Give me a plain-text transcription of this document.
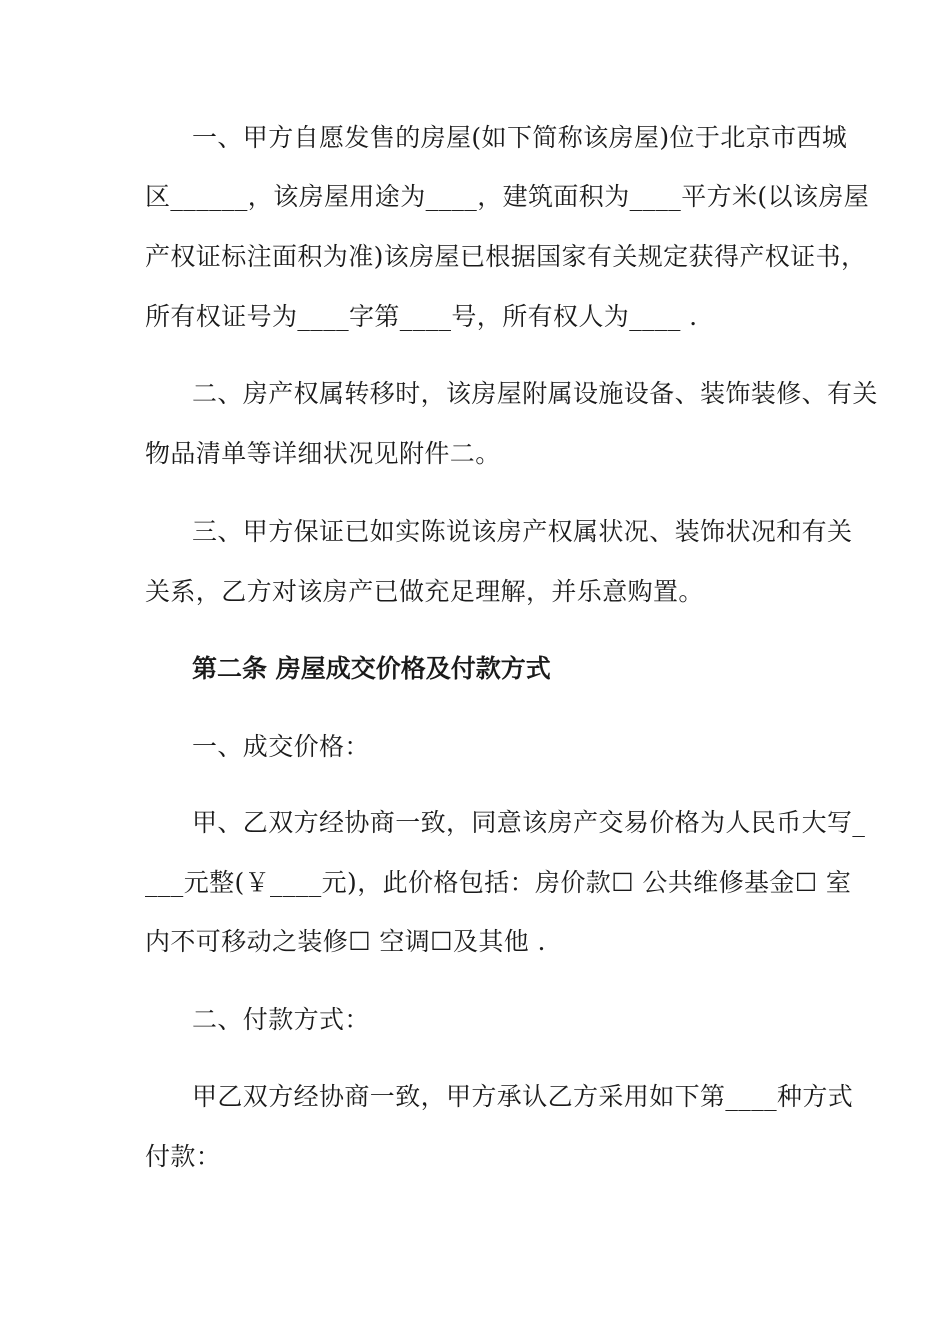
一、甲方自愿发售的房屋(如下简称该房屋)位于北京市西城
区______，该房屋用途为____，建筑面积为____平方米(以该房屋
产权证标注面积为准)该房屋已根据国家有关规定获得产权证书，
所有权证号为____字第____号，所有权人为____ .
二、房产权属转移时，该房屋附属设施设备、装饰装修、有关
物品清单等详细状况见附件二。
三、甲方保证已如实陈说该房产权属状况、装饰状况和有关
关系，乙方对该房产已做充足理解，并乐意购置。
第二条 房屋成交价格及付款方式
一、成交价格：
甲、乙双方经协商一致，同意该房产交易价格为人民币大写_
___元整(￥____元)，此价格包括：房价款☐ 公共维修基金☐ 室
内不可移动之装修☐ 空调☐及其他 .
二、付款方式：
甲乙双方经协商一致，甲方承认乙方采用如下第____种方式
付款：
